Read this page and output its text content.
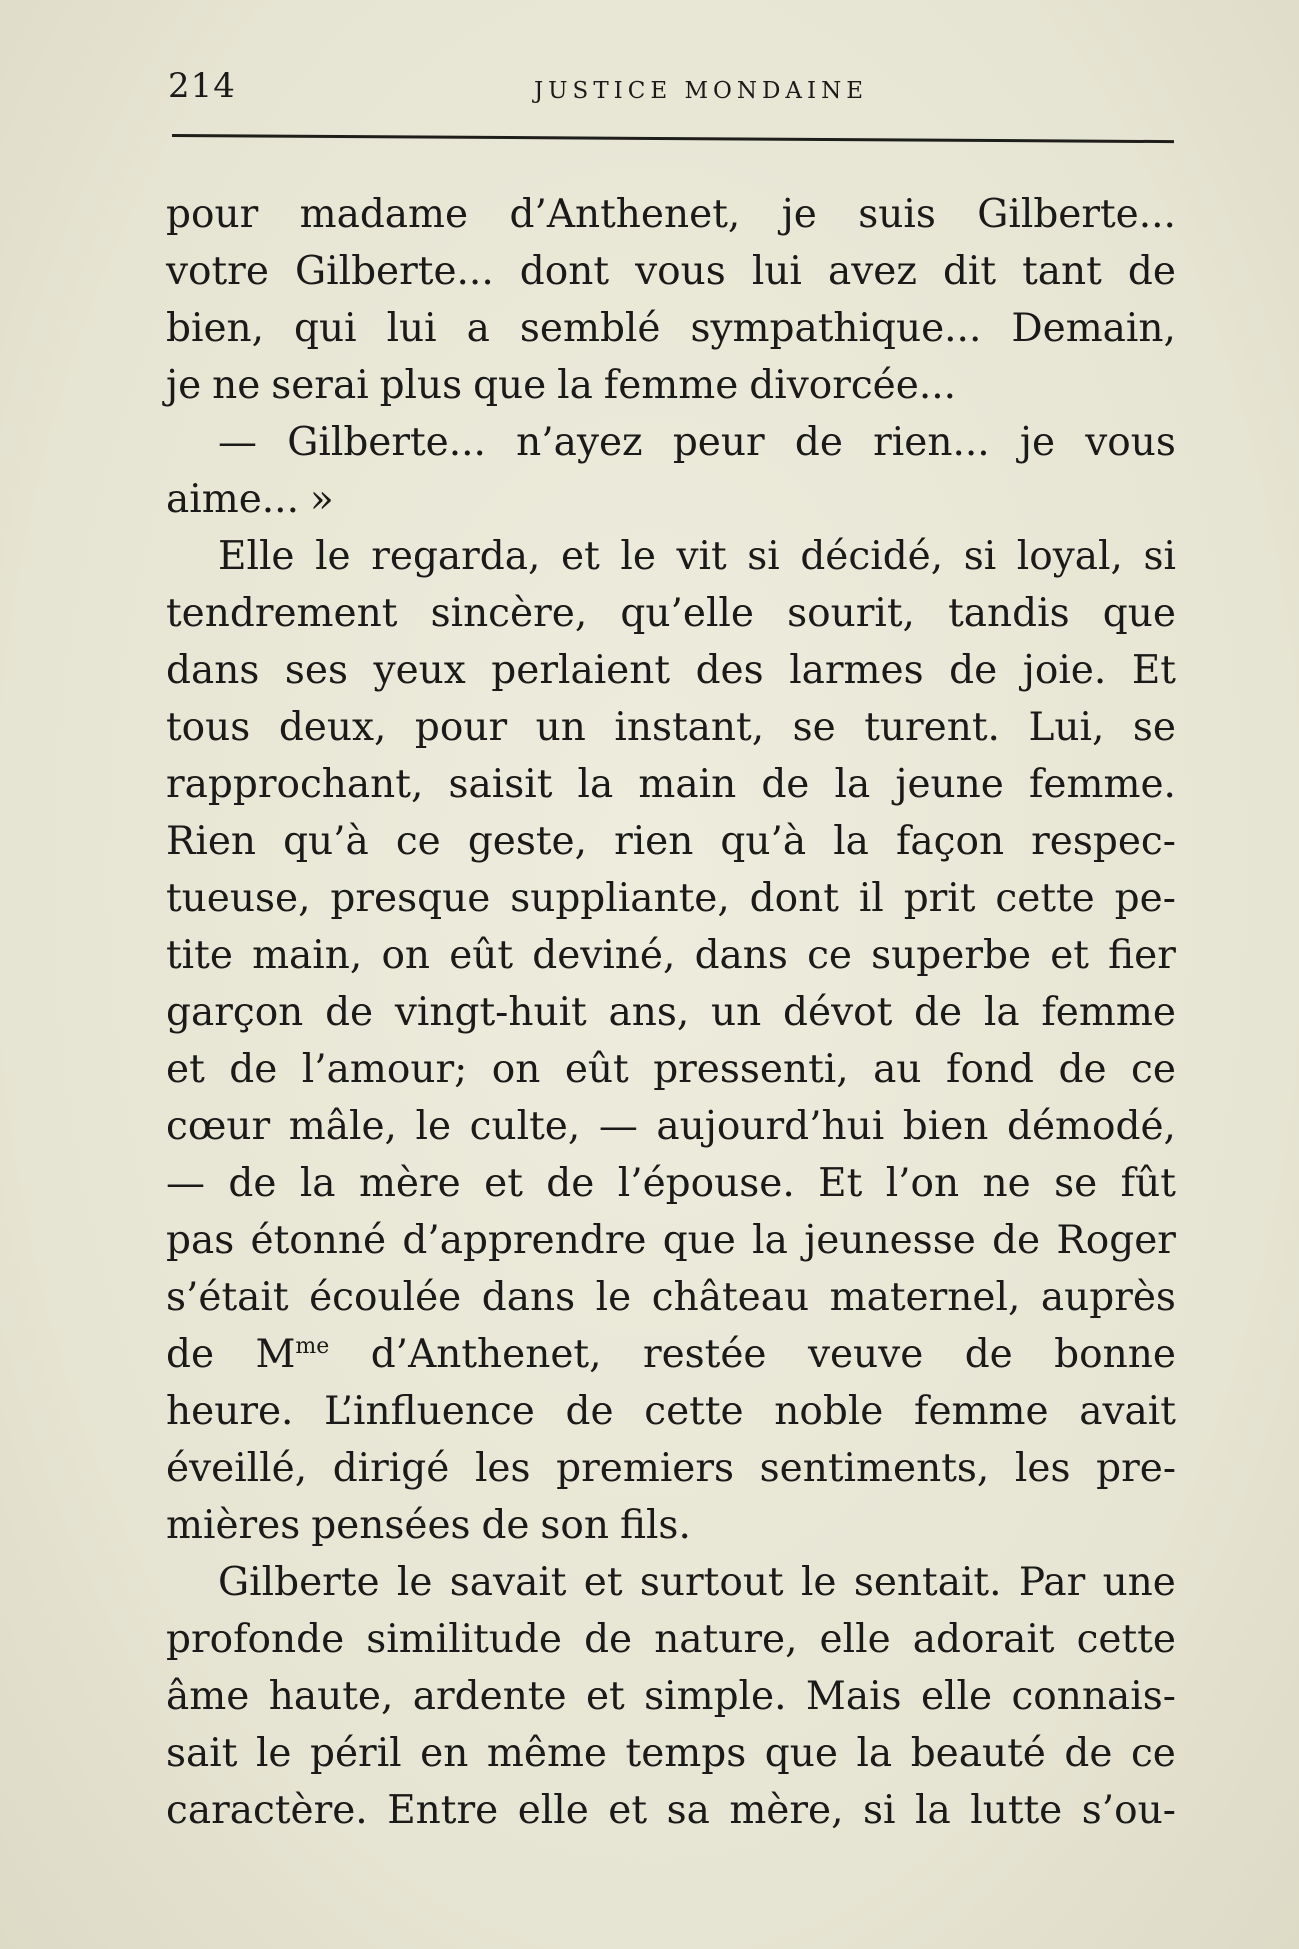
214	JUSTICE MONDAINE
pour madame d’Anthenet, je suis Gilberte...
votre Gilberte... dont vous lui avez dit tant de
bien, qui lui a semblé sympathique... Demain,
je ne serai plus que la femme divorcée...
— Gilberte... n’ayez peur de rien... je vous
aime... »
Elle le regarda, et le vit si décidé, si loyal, si
tendrement sincère, qu’elle sourit, tandis que
dans ses yeux perlaient des larmes de joie. Et
tous deux, pour un instant, se turent. Lui, se
rapprochant, saisit la main de la jeune femme.
Rien qu’à ce geste, rien qu’à la façon respec-
tueuse, presque suppliante, dont il prit cette pe-
tite main, on eût deviné, dans ce superbe et fier
garçon de vingt-huit ans, un dévot de la femme
et de l’amour; on eût pressenti, au fond de ce
cœur mâle, le culte, — aujourd’hui bien démodé,
— de la mère et de l’épouse. Et l’on ne se fût
pas étonné d’apprendre que la jeunesse de Roger
s’était écoulée dans le château maternel, auprès
de $M^{me}$ d’Anthenet, restée veuve de bonne
heure. L’influence de cette noble femme avait
éveillé, dirigé les premiers sentiments, les pre-
mières pensées de son fils.
Gilberte le savait et surtout le sentait. Par une
profonde similitude de nature, elle adorait cette
âme haute, ardente et simple. Mais elle connais-
sait le péril en même temps que la beauté de ce
caractère. Entre elle et sa mère, si la lutte s’ou-
